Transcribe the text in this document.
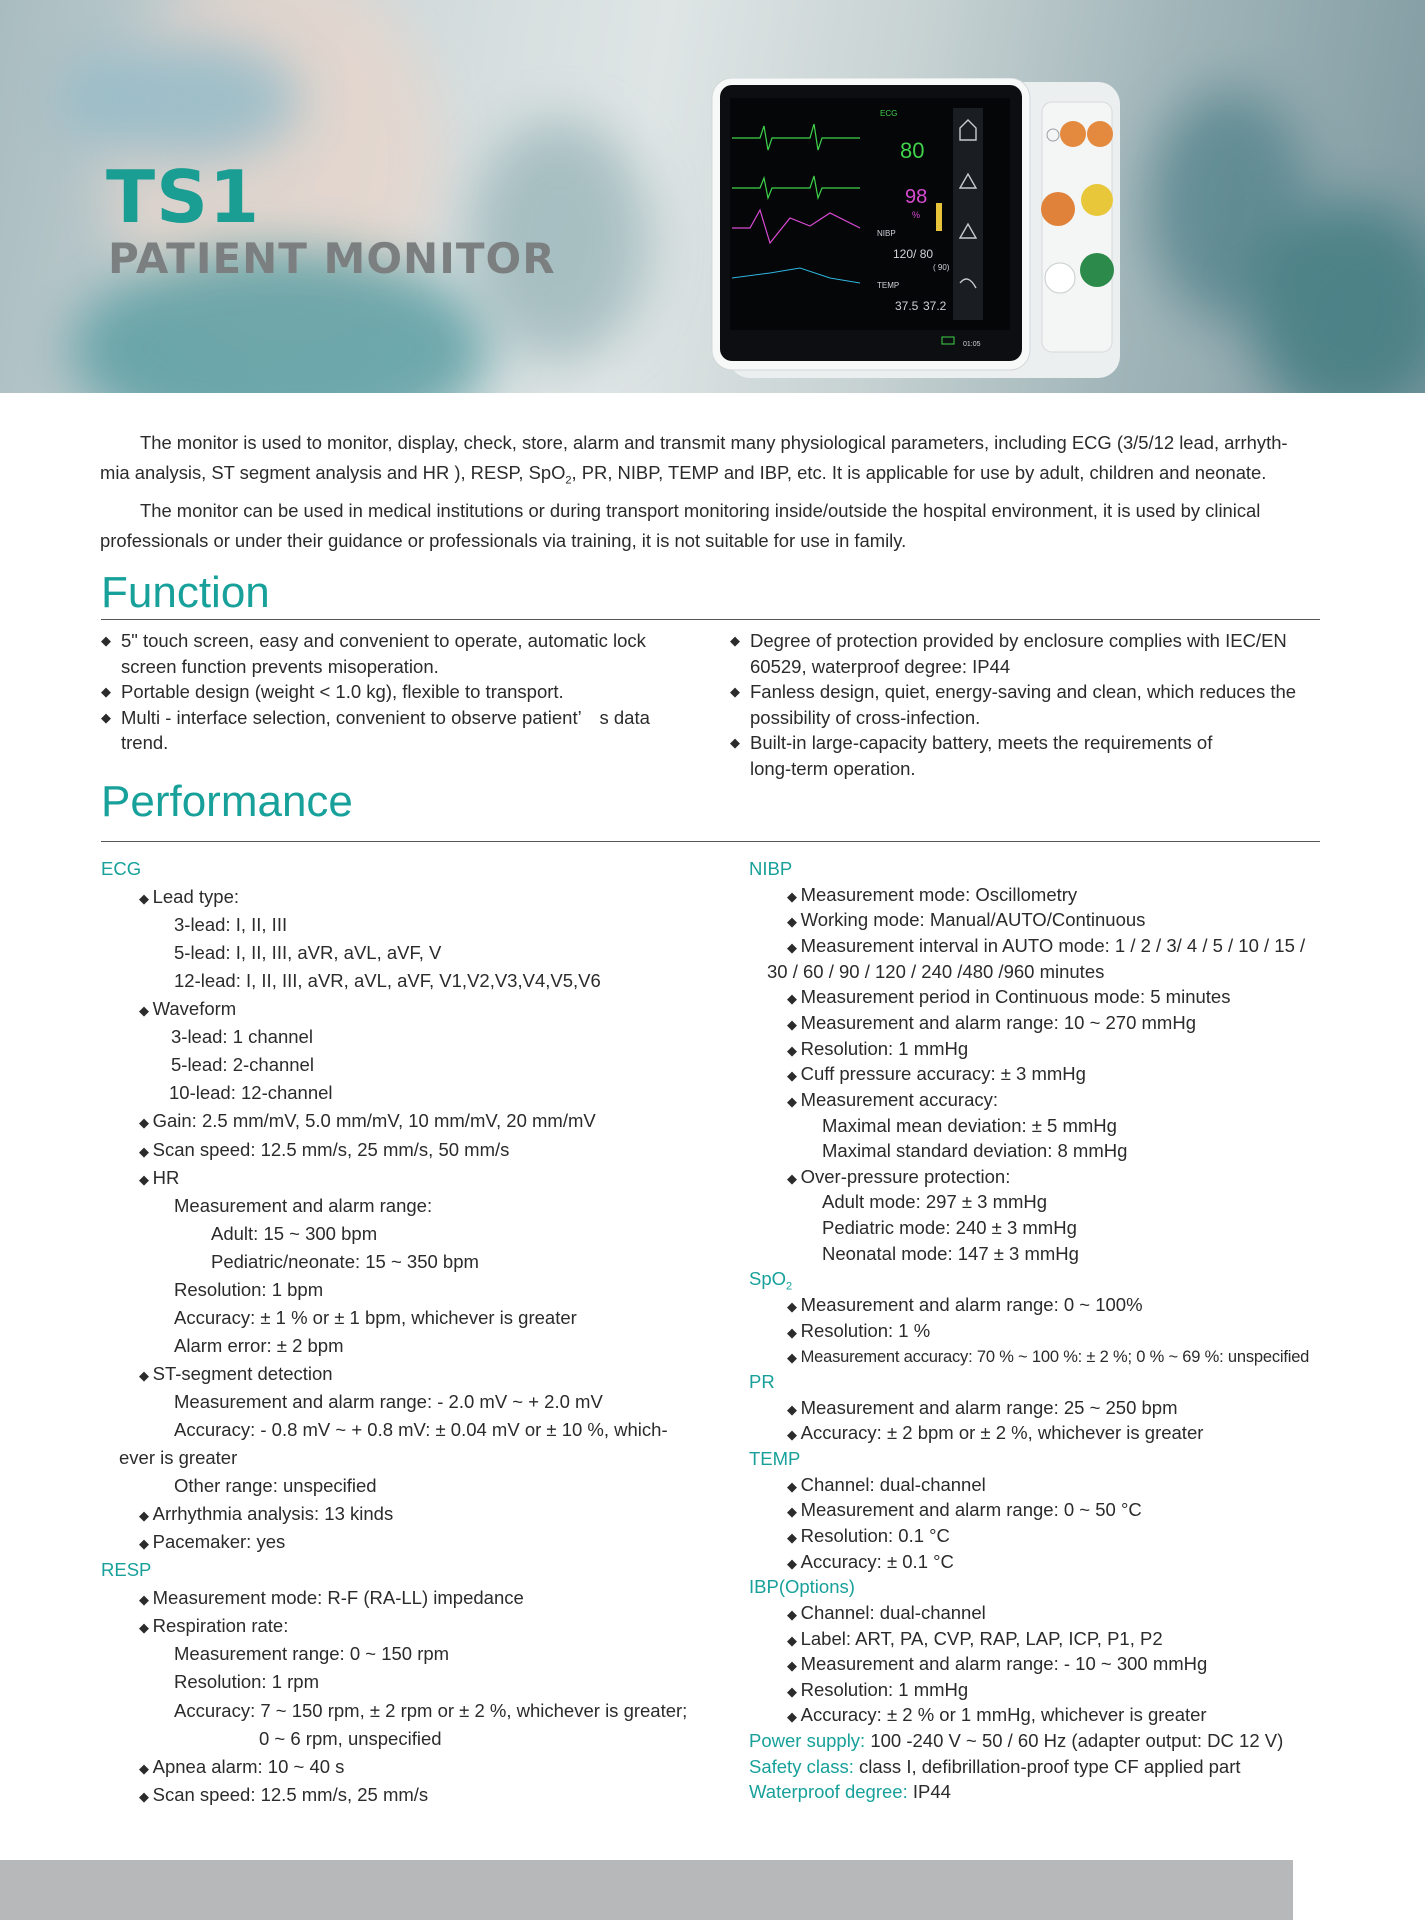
TS1
PATIENT MONITOR
ECG
80
98
%
NIBP
120/ 80
( 90)
TEMP
37.5 37.2
01:05

The monitor is used to monitor, display, check, store, alarm and transmit many physiological parameters, including ECG (3/5/12 lead, arrhyth-

mia analysis, ST segment analysis and HR ), RESP, SpO$_2$, PR, NIBP, TEMP and IBP, etc. It is applicable for use by adult, children and neonate.

The monitor can be used in medical institutions or during transport monitoring inside/outside the hospital environment, it is used by clinical

professionals or under their guidance or professionals via training, it is not suitable for use in family.

Function
◆ 5" touch screen, easy and convenient to operate, automatic lock
screen function prevents misoperation.
◆ Portable design (weight < 1.0 kg), flexible to transport.
◆ Multi - interface selection, convenient to observe patient’　s data
trend.
◆ Degree of protection provided by enclosure complies with IEC/EN
60529, waterproof degree: IP44
◆ Fanless design, quiet, energy-saving and clean, which reduces the
possibility of cross-infection.
◆ Built-in large-capacity battery, meets the requirements of
long-term operation.
Performance
ECG
◆ Lead type:
3-lead: I, II, III
5-lead: I, II, III, aVR, aVL, aVF, V
12-lead: I, II, III, aVR, aVL, aVF, V1,V2,V3,V4,V5,V6
◆ Waveform
3-lead: 1 channel
5-lead: 2-channel
10-lead: 12-channel
◆ Gain: 2.5 mm/mV, 5.0 mm/mV, 10 mm/mV, 20 mm/mV
◆ Scan speed: 12.5 mm/s, 25 mm/s, 50 mm/s
◆ HR
Measurement and alarm range:
Adult: 15 ~ 300 bpm
Pediatric/neonate: 15 ~ 350 bpm
Resolution: 1 bpm
Accuracy: ± 1 % or ± 1 bpm, whichever is greater
Alarm error: ± 2 bpm
◆ ST-segment detection
Measurement and alarm range: - 2.0 mV ~ + 2.0 mV
Accuracy: - 0.8 mV ~ + 0.8 mV: ± 0.04 mV or ± 10 %, which-
ever is greater
Other range: unspecified
◆ Arrhythmia analysis: 13 kinds
◆ Pacemaker: yes
RESP
◆ Measurement mode: R-F (RA-LL) impedance
◆ Respiration rate:
Measurement range: 0 ~ 150 rpm
Resolution: 1 rpm
Accuracy: 7 ~ 150 rpm, ± 2 rpm or ± 2 %, whichever is greater;
0 ~ 6 rpm, unspecified
◆ Apnea alarm: 10 ~ 40 s
◆ Scan speed: 12.5 mm/s, 25 mm/s
NIBP
◆ Measurement mode: Oscillometry
◆ Working mode: Manual/AUTO/Continuous
◆ Measurement interval in AUTO mode: 1 / 2 / 3/ 4 / 5 / 10 / 15 /
30 / 60 / 90 / 120 / 240 /480 /960 minutes
◆ Measurement period in Continuous mode: 5 minutes
◆ Measurement and alarm range: 10 ~ 270 mmHg
◆ Resolution: 1 mmHg
◆ Cuff pressure accuracy: ± 3 mmHg
◆ Measurement accuracy:
Maximal mean deviation: ± 5 mmHg
Maximal standard deviation: 8 mmHg
◆ Over-pressure protection:
Adult mode: 297 ± 3 mmHg
Pediatric mode: 240 ± 3 mmHg
Neonatal mode: 147 ± 3 mmHg
SpO$_2$
◆ Measurement and alarm range: 0 ~ 100%
◆ Resolution: 1 %
◆ Measurement accuracy: 70 % ~ 100 %: ± 2 %; 0 % ~ 69 %: unspecified
PR
◆ Measurement and alarm range: 25 ~ 250 bpm
◆ Accuracy: ± 2 bpm or ± 2 %, whichever is greater
TEMP
◆ Channel: dual-channel
◆ Measurement and alarm range: 0 ~ 50 °C
◆ Resolution: 0.1 °C
◆ Accuracy: ± 0.1 °C
IBP(Options)
◆ Channel: dual-channel
◆ Label: ART, PA, CVP, RAP, LAP, ICP, P1, P2
◆ Measurement and alarm range: - 10 ~ 300 mmHg
◆ Resolution: 1 mmHg
◆ Accuracy: ± 2 % or 1 mmHg, whichever is greater
Power supply: 100 -240 V ~ 50 / 60 Hz (adapter output: DC 12 V)
Safety class: class I, defibrillation-proof type CF applied part
Waterproof degree: IP44
